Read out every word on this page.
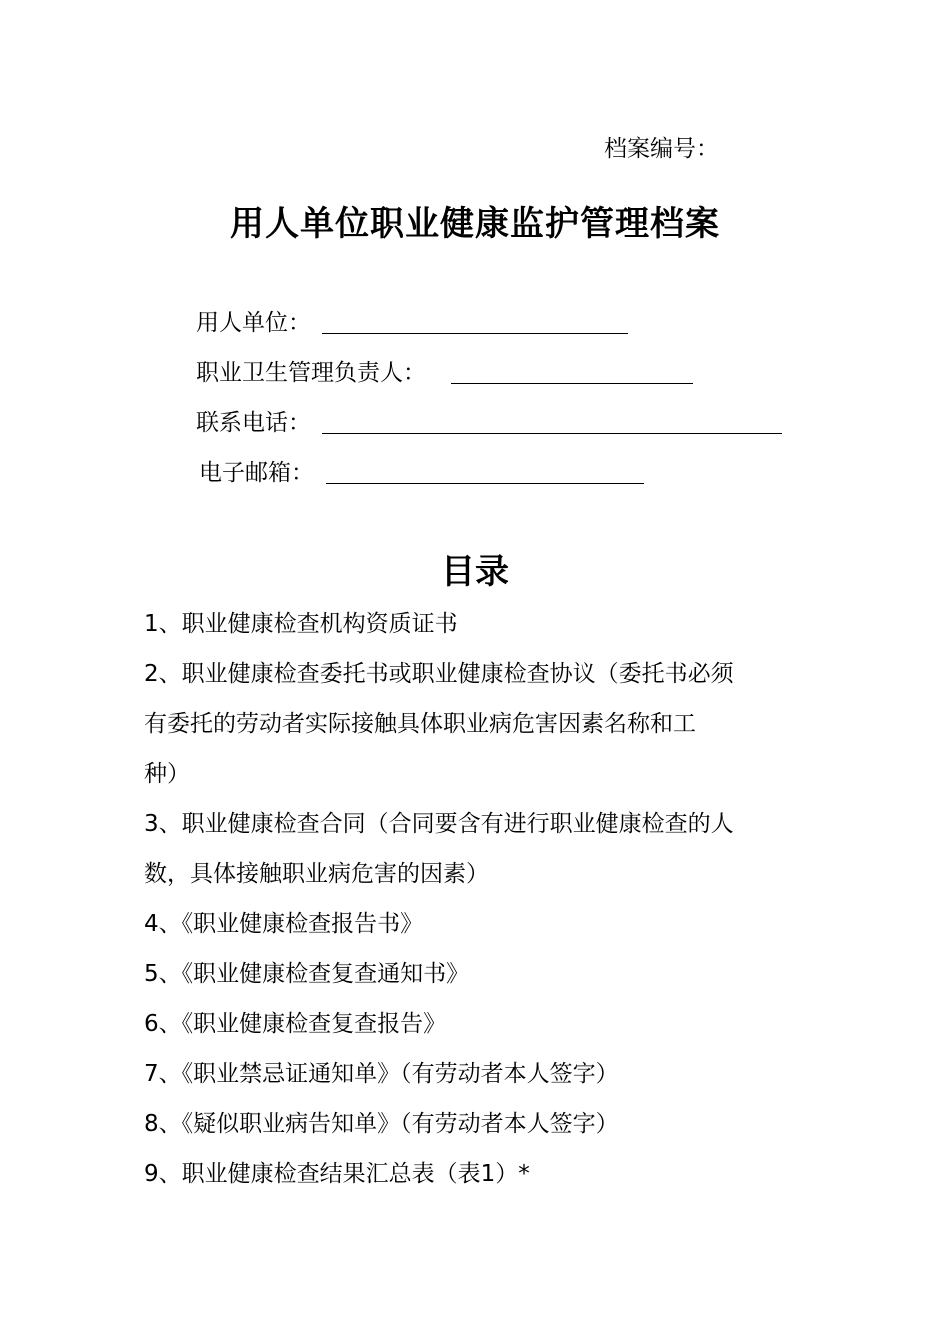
档案编号：
用人单位职业健康监护管理档案
用人单位：
职业卫生管理负责人：
联系电话：
电子邮箱：
目录
1、职业健康检查机构资质证书
2、职业健康检查委托书或职业健康检查协议（委托书必须
有委托的劳动者实际接触具体职业病危害因素名称和工
种）
3、职业健康检查合同（合同要含有进行职业健康检查的人
数，具体接触职业病危害的因素）
4、《职业健康检查报告书》
5、《职业健康检查复查通知书》
6、《职业健康检查复查报告》
7、《职业禁忌证通知单》（有劳动者本人签字）
8、《疑似职业病告知单》（有劳动者本人签字）
9、职业健康检查结果汇总表（表1）*
